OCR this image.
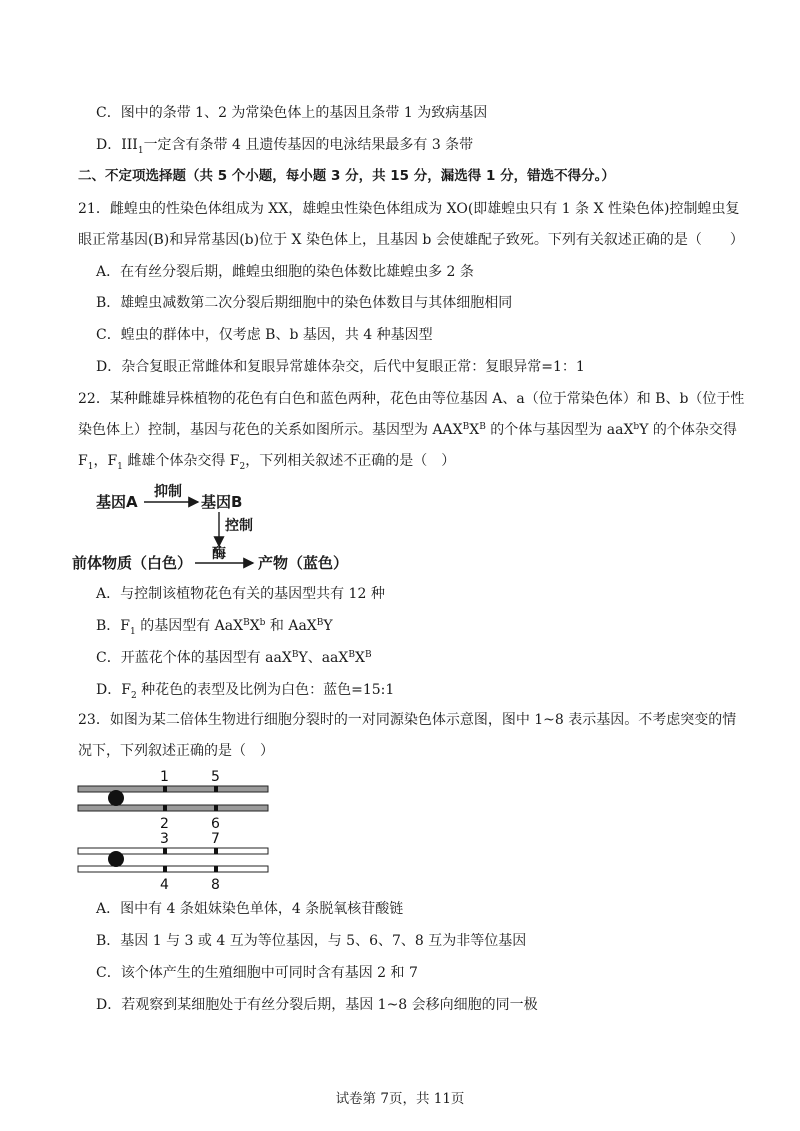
C．图中的条带 1、2 为常染色体上的基因且条带 1 为致病基因
D．$III_1$一定含有条带 4 且遗传基因的电泳结果最多有 3 条带
二、不定项选择题（共 5 个小题，每小题 3 分，共 15 分，漏选得 1 分，错选不得分。）
21．雌蝗虫的性染色体组成为 XX，雄蝗虫性染色体组成为 XO(即雄蝗虫只有 1 条 X 性染色体)控制蝗虫复
眼正常基因(B)和异常基因(b)位于 X 染色体上，且基因 b 会使雄配子致死。下列有关叙述正确的是（　　）
A．在有丝分裂后期，雌蝗虫细胞的染色体数比雄蝗虫多 2 条
B．雄蝗虫减数第二次分裂后期细胞中的染色体数目与其体细胞相同
C．蝗虫的群体中，仅考虑 B、b 基因，共 4 种基因型
D．杂合复眼正常雌体和复眼异常雄体杂交，后代中复眼正常：复眼异常=1：1
22．某种雌雄异株植物的花色有白色和蓝色两种，花色由等位基因 A、a（位于常染色体）和 B、b（位于性
染色体上）控制，基因与花色的关系如图所示。基因型为 $AAX^BX^B$ 的个体与基因型为 aaX$^b$Y 的个体杂交得
$F_1$，$F_1$ 雌雄个体杂交得 $F_2$，下列相关叙述不正确的是（　）
基因A
抑制
基因B
控制
酶
前体物质（白色）	产物（蓝色）
A．与控制该植物花色有关的基因型共有 12 种
B．$F_1$ 的基因型有 $AaX^BX^b$ 和 AaX$^B$Y
C．开蓝花个体的基因型有 aaX$^B$Y、$aaX^BX^B$
D．$F_2$ 种花色的表型及比例为白色：蓝色=15:1
23．如图为某二倍体生物进行细胞分裂时的一对同源染色体示意图，图中 1~8 表示基因。不考虑突变的情
况下，下列叙述正确的是（　）
1	5
2	6
3	7
4	8
A．图中有 4 条姐妹染色单体，4 条脱氧核苷酸链
B．基因 1 与 3 或 4 互为等位基因，与 5、6、7、8 互为非等位基因
C．该个体产生的生殖细胞中可同时含有基因 2 和 7
D．若观察到某细胞处于有丝分裂后期，基因 1~8 会移向细胞的同一极
试卷第 7页，共 11页
